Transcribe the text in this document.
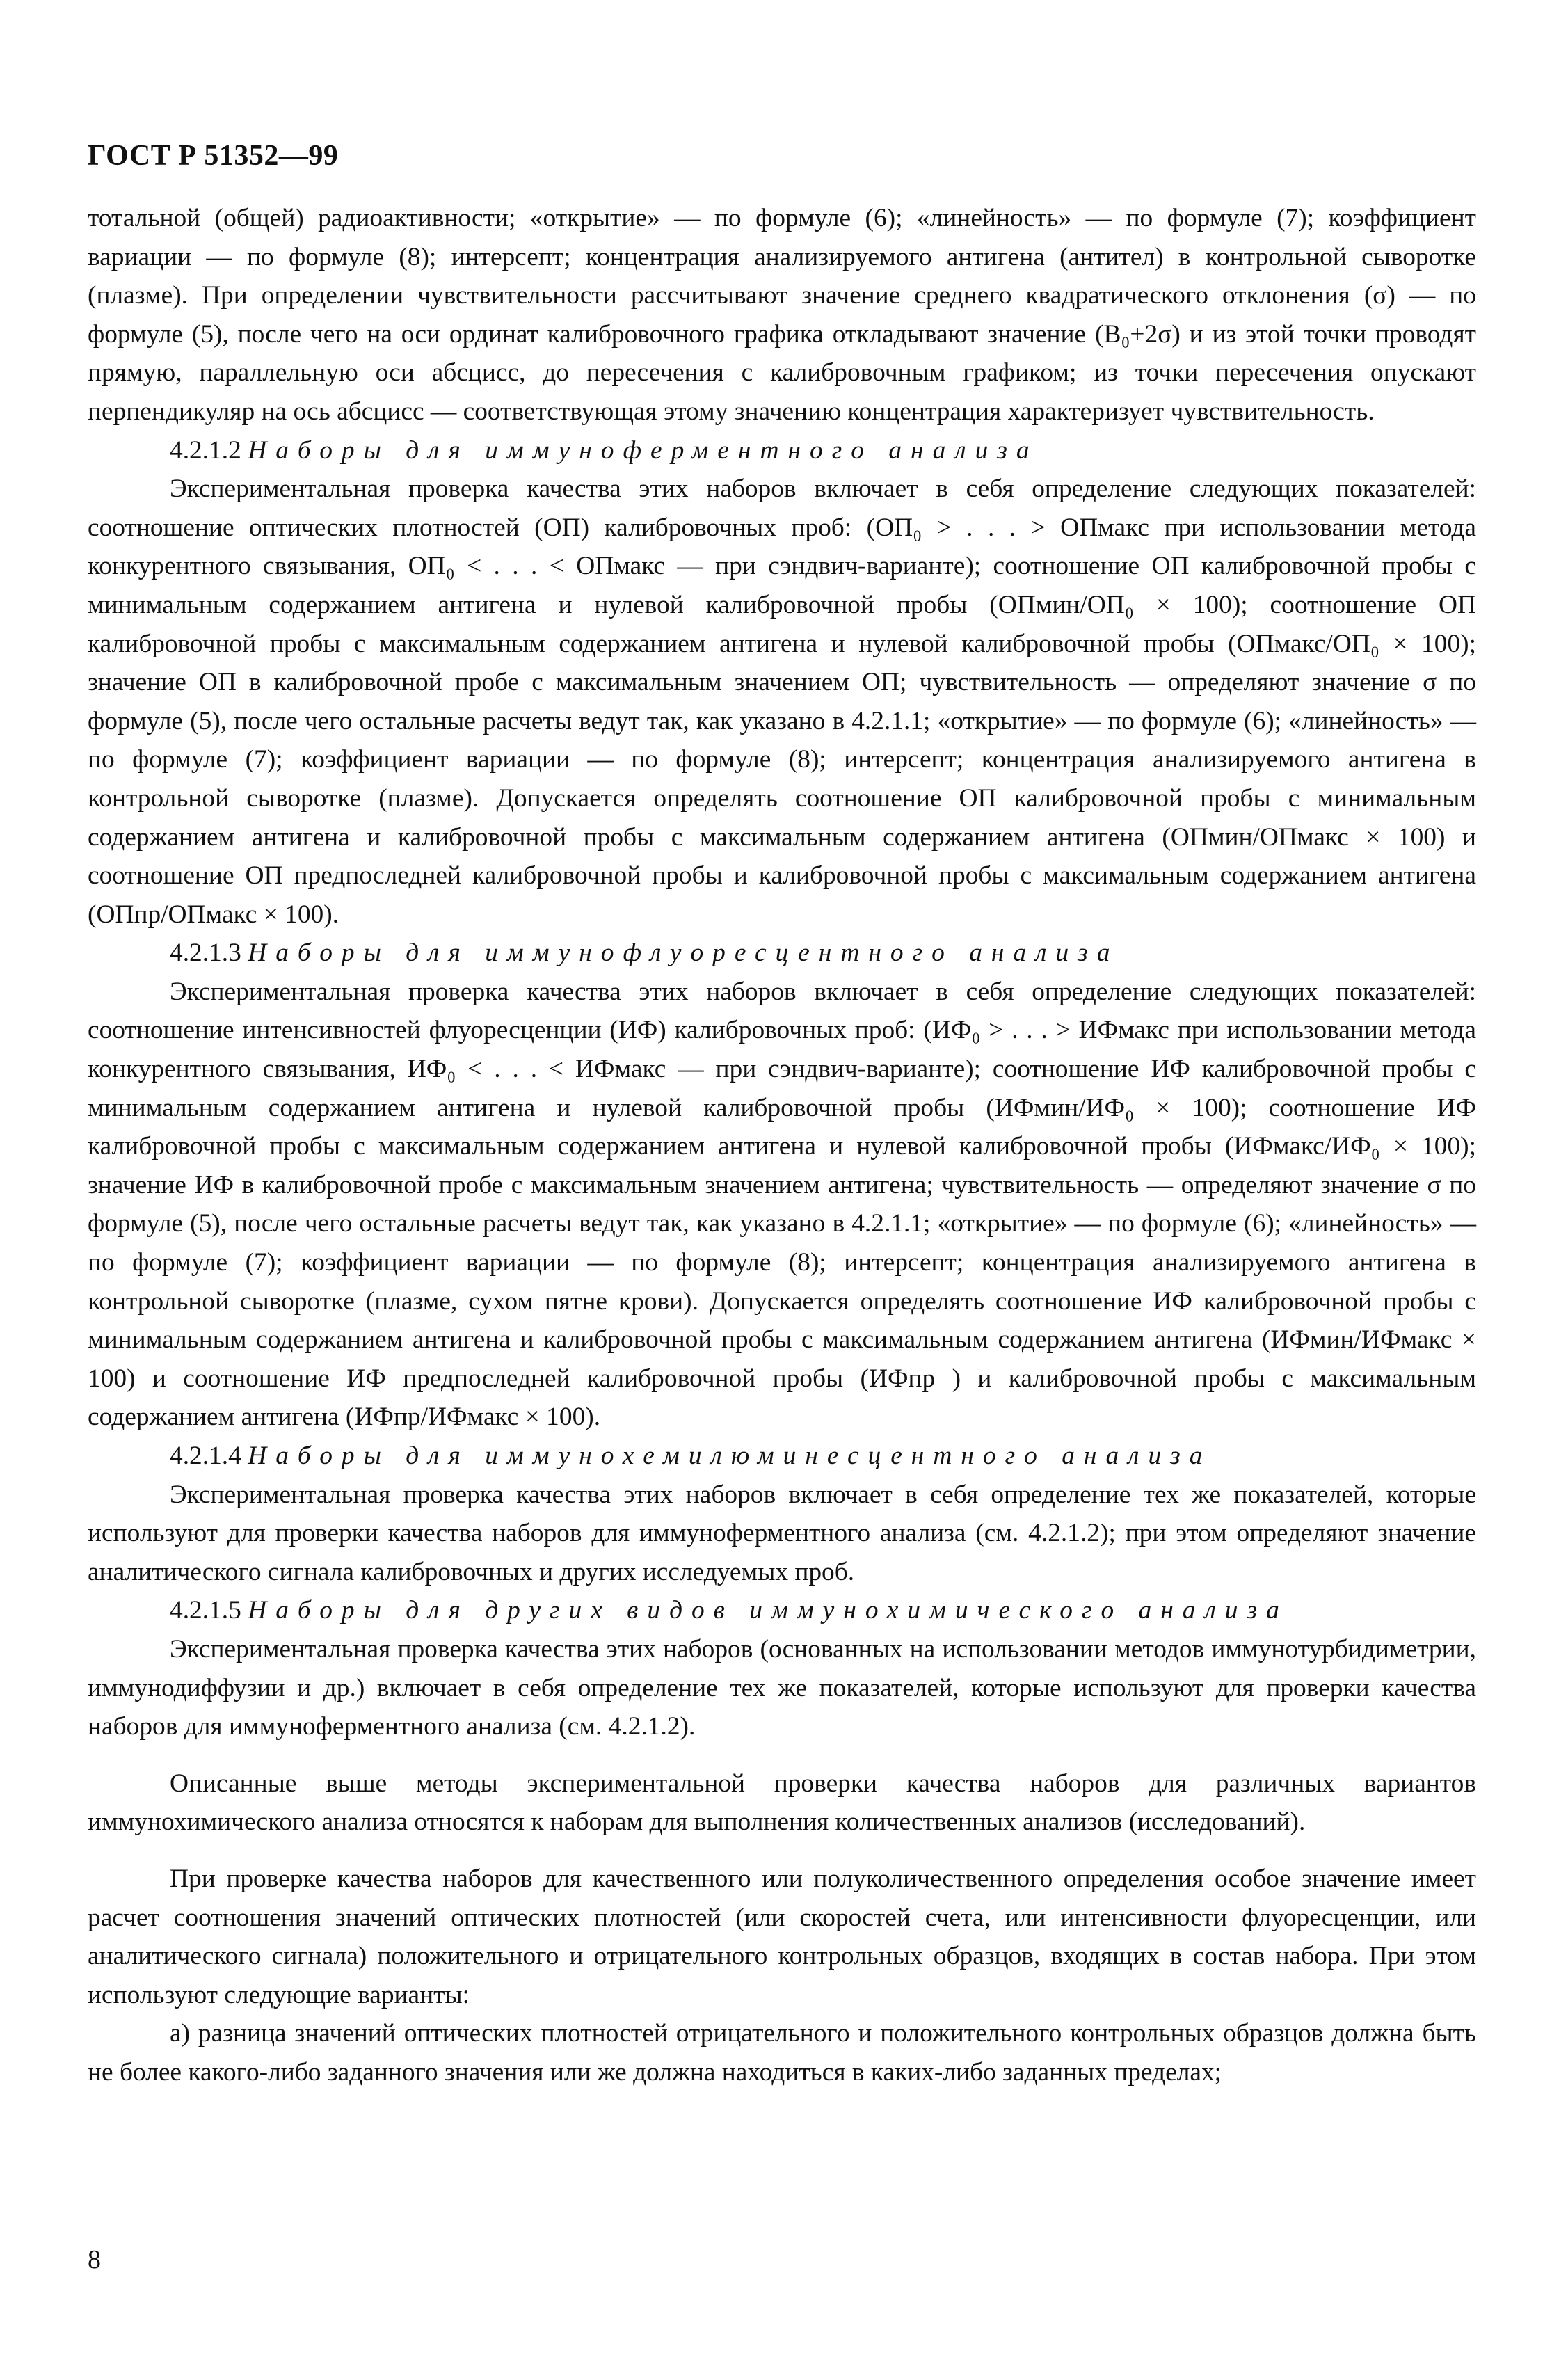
ГОСТ Р 51352—99

тотальной (общей) радиоактивности; «открытие» — по формуле (6); «линейность» — по формуле (7); коэффициент вариации — по формуле (8); интерсепт; концентрация анализируемого антигена (антител) в контрольной сыворотке (плазме). При определении чувствительности рассчитывают значение среднего квадратического отклонения (σ) — по формуле (5), после чего на оси ординат калибровочного графика откладывают значение (B₀+2σ) и из этой точки проводят прямую, параллельную оси абсцисс, до пересечения с калибровочным графиком; из точки пересечения опускают перпендикуляр на ось абсцисс — соответствующая этому значению концентрация характеризует чувствительность.

4.2.1.2 Наборы для иммуноферментного анализа

Экспериментальная проверка качества этих наборов включает в себя определение следующих показателей: соотношение оптических плотностей (ОП) калибровочных проб: (ОП₀ > . . . > ОПмакс при использовании метода конкурентного связывания, ОП₀ < . . . < ОПмакс — при сэндвич-варианте); соотношение ОП калибровочной пробы с минимальным содержанием антигена и нулевой калибровочной пробы (ОПмин/ОП₀ × 100); соотношение ОП калибровочной пробы с максимальным содержанием антигена и нулевой калибровочной пробы (ОПмакс/ОП₀ × 100); значение ОП в калибровочной пробе с максимальным значением ОП; чувствительность — определяют значение σ по формуле (5), после чего остальные расчеты ведут так, как указано в 4.2.1.1; «открытие» — по формуле (6); «линейность» — по формуле (7); коэффициент вариации — по формуле (8); интерсепт; концентрация анализируемого антигена в контрольной сыворотке (плазме). Допускается определять соотношение ОП калибровочной пробы с минимальным содержанием антигена и калибровочной пробы с максимальным содержанием антигена (ОПмин/ОПмакс × 100) и соотношение ОП предпоследней калибровочной пробы и калибровочной пробы с максимальным содержанием антигена (ОПпр/ОПмакс × 100).

4.2.1.3 Наборы для иммунофлуоресцентного анализа

Экспериментальная проверка качества этих наборов включает в себя определение следующих показателей: соотношение интенсивностей флуоресценции (ИФ) калибровочных проб: (ИФ₀ > . . . > ИФмакс при использовании метода конкурентного связывания, ИФ₀ < . . . < ИФмакс — при сэндвич-варианте); соотношение ИФ калибровочной пробы с минимальным содержанием антигена и нулевой калибровочной пробы (ИФмин/ИФ₀ × 100); соотношение ИФ калибровочной пробы с максимальным содержанием антигена и нулевой калибровочной пробы (ИФмакс/ИФ₀ × 100); значение ИФ в калибровочной пробе с максимальным значением антигена; чувствительность — определяют значение σ по формуле (5), после чего остальные расчеты ведут так, как указано в 4.2.1.1; «открытие» — по формуле (6); «линейность» — по формуле (7); коэффициент вариации — по формуле (8); интерсепт; концентрация анализируемого антигена в контрольной сыворотке (плазме, сухом пятне крови). Допускается определять соотношение ИФ калибровочной пробы с минимальным содержанием антигена и калибровочной пробы с максимальным содержанием антигена (ИФмин/ИФмакс × 100) и соотношение ИФ предпоследней калибровочной пробы (ИФпр ) и калибровочной пробы с максимальным содержанием антигена (ИФпр/ИФмакс × 100).

4.2.1.4 Наборы для иммунохемилюминесцентного анализа

Экспериментальная проверка качества этих наборов включает в себя определение тех же показателей, которые используют для проверки качества наборов для иммуноферментного анализа (см. 4.2.1.2); при этом определяют значение аналитического сигнала калибровочных и других исследуемых проб.

4.2.1.5 Наборы для других видов иммунохимического анализа

Экспериментальная проверка качества этих наборов (основанных на использовании методов иммунотурбидиметрии, иммунодиффузии и др.) включает в себя определение тех же показателей, которые используют для проверки качества наборов для иммуноферментного анализа (см. 4.2.1.2).

Описанные выше методы экспериментальной проверки качества наборов для различных вариантов иммунохимического анализа относятся к наборам для выполнения количественных анализов (исследований).

При проверке качества наборов для качественного или полуколичественного определения особое значение имеет расчет соотношения значений оптических плотностей (или скоростей счета, или интенсивности флуоресценции, или аналитического сигнала) положительного и отрицательного контрольных образцов, входящих в состав набора. При этом используют следующие варианты:

а) разница значений оптических плотностей отрицательного и положительного контрольных образцов должна быть не более какого-либо заданного значения или же должна находиться в каких-либо заданных пределах;

8
